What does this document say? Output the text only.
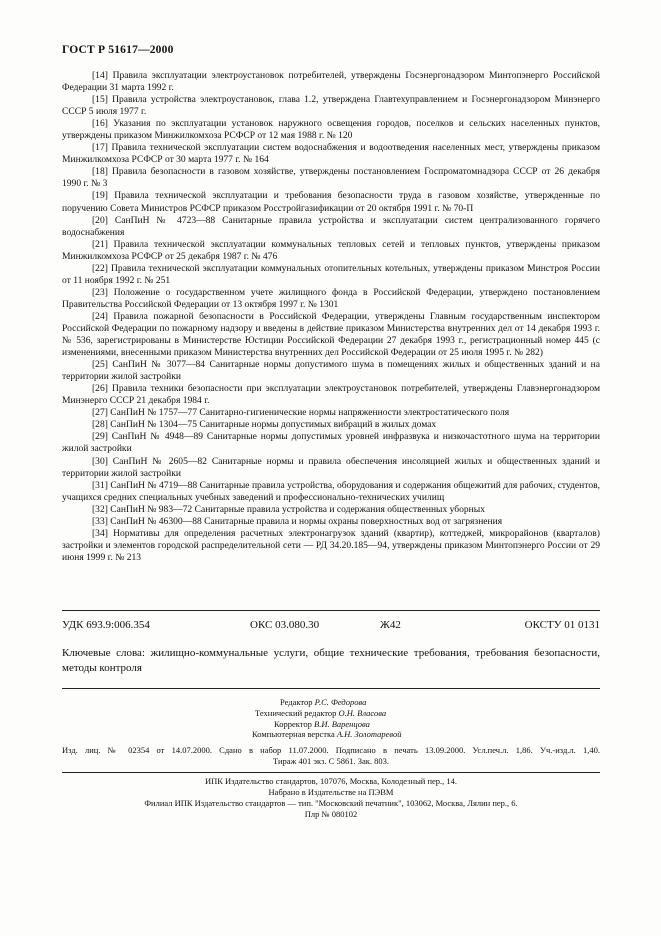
ГОСТ Р 51617—2000

[14] Правила эксплуатации электроустановок потребителей, утверждены Госэнергонадзором Минтопэнерго Российской Федерации 31 марта 1992 г.

[15] Правила устройства электроустановок, глава 1.2, утверждена Главтехуправлением и Госэнергонадзором Минэнерго СССР 5 июля 1977 г.

[16] Указания по эксплуатации установок наружного освещения городов, поселков и сельских населенных пунктов, утверждены приказом Минжилкомхоза РСФСР от 12 мая 1988 г. № 120

[17] Правила технической эксплуатации систем водоснабжения и водоотведения населенных мест, утверждены приказом Минжилкомхоза РСФСР от 30 марта 1977 г. № 164

[18] Правила безопасности в газовом хозяйстве, утверждены постановлением Госпроматомнадзора СССР от 26 декабря 1990 г. № 3

[19] Правила технической эксплуатации и требования безопасности труда в газовом хозяйстве, утвержденные по поручению Совета Министров РСФСР приказом Росстройгазификации от 20 октября 1991 г. № 70-П

[20] СанПиН № 4723—88 Санитарные правила устройства и эксплуатации систем централизованного горячего водоснабжения

[21] Правила технической эксплуатации коммунальных тепловых сетей и тепловых пунктов, утверждены приказом Минжилкомхоза РСФСР от 25 декабря 1987 г. № 476

[22] Правила технической эксплуатации коммунальных отопительных котельных, утверждены приказом Минстроя России от 11 ноября 1992 г. № 251

[23] Положение о государственном учете жилищного фонда в Российской Федерации, утверждено постановлением Правительства Российской Федерации от 13 октября 1997 г. № 1301

[24] Правила пожарной безопасности в Российской Федерации, утверждены Главным государственным инспектором Российской Федерации по пожарному надзору и введены в действие приказом Министерства внутренних дел от 14 декабря 1993 г. № 536, зарегистрированы в Министерстве Юстиции Российской Федерации 27 декабря 1993 г., регистрационный номер 445 (с изменениями, внесенными приказом Министерства внутренних дел Российской Федерации от 25 июля 1995 г. № 282)

[25] СанПиН № 3077—84 Санитарные нормы допустимого шума в помещениях жилых и общественных зданий и на территории жилой застройки

[26] Правила техники безопасности при эксплуатации электроустановок потребителей, утверждены Главэнергонадзором Минэнерго СССР 21 декабря 1984 г.

[27] СанПиН № 1757—77 Санитарно-гигиенические нормы напряженности электростатического поля

[28] СанПиН № 1304—75 Санитарные нормы допустимых вибраций в жилых домах

[29] СанПиН № 4948—89 Санитарные нормы допустимых уровней инфразвука и низкочастотного шума на территории жилой застройки

[30] СанПиН № 2605—82 Санитарные нормы и правила обеспечения инсоляцией жилых и общественных зданий и территории жилой застройки

[31] СанПиН № 4719—88 Санитарные правила устройства, оборудования и содержания общежитий для рабочих, студентов, учащихся средних специальных учебных заведений и профессионально-технических училищ

[32] СанПиН № 983—72 Санитарные правила устройства и содержания общественных уборных

[33] СанПиН № 46300—88 Санитарные правила и нормы охраны поверхностных вод от загрязнения

[34] Нормативы для определения расчетных электронагрузок зданий (квартир), коттеджей, микрорайонов (кварталов) застройки и элементов городской распределительной сети — РД 34.20.185—94, утверждены приказом Минтопэнерго России от 29 июня 1999 г. № 213

УДК 693.9:006.354	ОКС 03.080.30	Ж42	ОКСТУ 01 0131
Ключевые слова: жилищно-коммунальные услуги, общие технические требования, требования безопасности, методы контроля
Редактор Р.С. Федорова
Технический редактор О.Н. Власова
Корректор В.И. Варенцова
Компьютерная верстка А.Н. Золотаревой
Изд. лиц. № 02354 от 14.07.2000. Сдано в набор 11.07.2000. Подписано в печать 13.09.2000. Усл.печ.л. 1,86. Уч.-изд.л. 1,40.
Тираж 401 экз. С 5861. Зак. 803.
ИПК Издательство стандартов, 107076, Москва, Колодезный пер., 14.
Набрано в Издательстве на ПЭВМ
Филиал ИПК Издательство стандартов — тип. "Московский печатник", 103062, Москва, Лялин пер., 6.
Плр № 080102
